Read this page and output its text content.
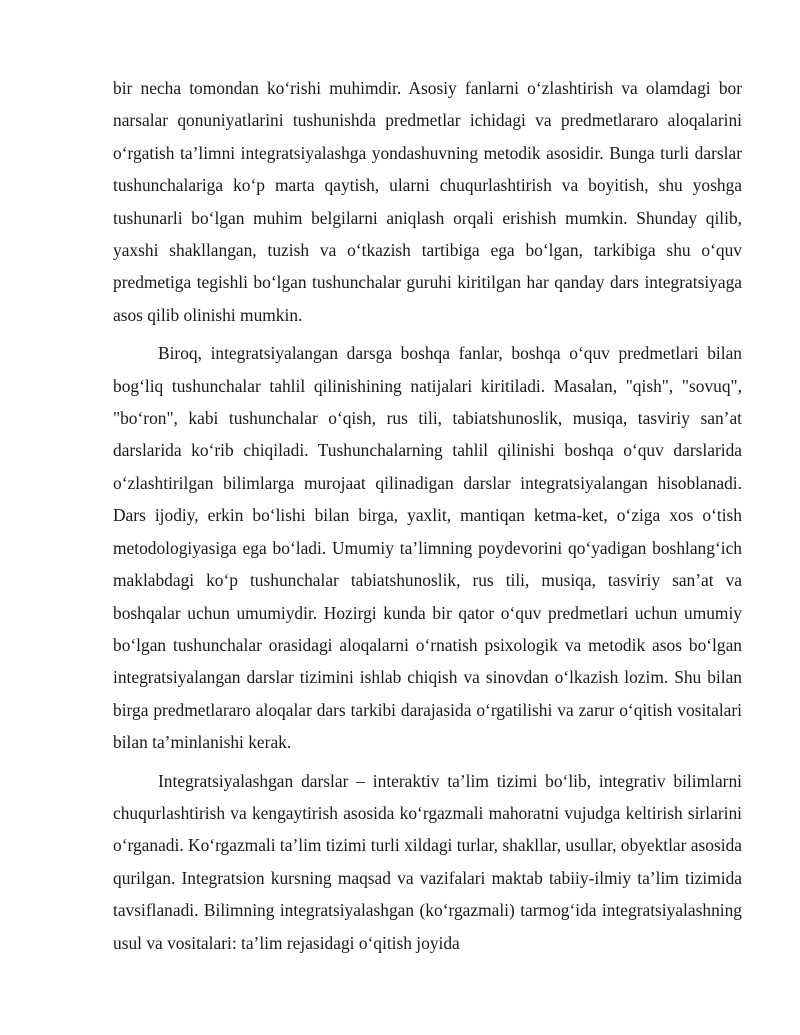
bir necha tomondan ko‘rishi muhimdir. Asosiy fanlarni o‘zlashtirish va olamdagi bor narsalar qonuniyatlarini tushunishda predmetlar ichidagi va predmetlararo aloqalarini o‘rgatish ta’limni integratsiyalashga yondashuvning metodik asosidir. Bunga turli darslar tushunchalariga ko‘p marta qaytish, ularni chuqurlashtirish va boyitish, shu yoshga tushunarli bo‘lgan muhim belgilarni aniqlash orqali erishish mumkin. Shunday qilib, yaxshi shakllangan, tuzish va o‘tkazish tartibiga ega bo‘lgan, tarkibiga shu o‘quv predmetiga tegishli bo‘lgan tushunchalar guruhi kiritilgan har qanday dars integratsiyaga asos qilib olinishi mumkin.

Biroq, integratsiyalangan darsga boshqa fanlar, boshqa o‘quv predmetlari bilan bog‘liq tushunchalar tahlil qilinishining natijalari kiritiladi. Masalan, "qish", "sovuq", "bo‘ron", kabi tushunchalar o‘qish, rus tili, tabiatshunoslik, musiqa, tasviriy san’at darslarida ko‘rib chiqiladi. Tushunchalarning tahlil qilinishi boshqa o‘quv darslarida o‘zlashtirilgan bilimlarga murojaat qilinadigan darslar integratsiyalangan hisoblanadi. Dars ijodiy, erkin bo‘lishi bilan birga, yaxlit, mantiqan ketma-ket, o‘ziga xos o‘tish metodologiyasiga ega bo‘ladi. Umumiy ta’limning poydevorini qo‘yadigan boshlang‘ich maklabdagi ko‘p tushunchalar tabiatshunoslik, rus tili, musiqa, tasviriy san’at va boshqalar uchun umumiydir. Hozirgi kunda bir qator o‘quv predmetlari uchun umumiy bo‘lgan tushunchalar orasidagi aloqalarni o‘rnatish psixologik va metodik asos bo‘lgan integratsiyalangan darslar tizimini ishlab chiqish va sinovdan o‘lkazish lozim. Shu bilan birga predmetlararo aloqalar dars tarkibi darajasida o‘rgatilishi va zarur o‘qitish vositalari bilan ta’minlanishi kerak.

Integratsiyalashgan darslar – interaktiv ta’lim tizimi bo‘lib, integrativ bilimlarni chuqurlashtirish va kengaytirish asosida ko‘rgazmali mahoratni vujudga keltirish sirlarini o‘rganadi. Ko‘rgazmali ta’lim tizimi turli xildagi turlar, shakllar, usullar, obyektlar asosida qurilgan. Integratsion kursning maqsad va vazifalari maktab tabiiy-ilmiy ta’lim tizimida tavsiflanadi. Bilimning integratsiyalashgan (ko‘rgazmali) tarmog‘ida integratsiyalashning usul va vositalari: ta’lim rejasidagi o‘qitish joyida
